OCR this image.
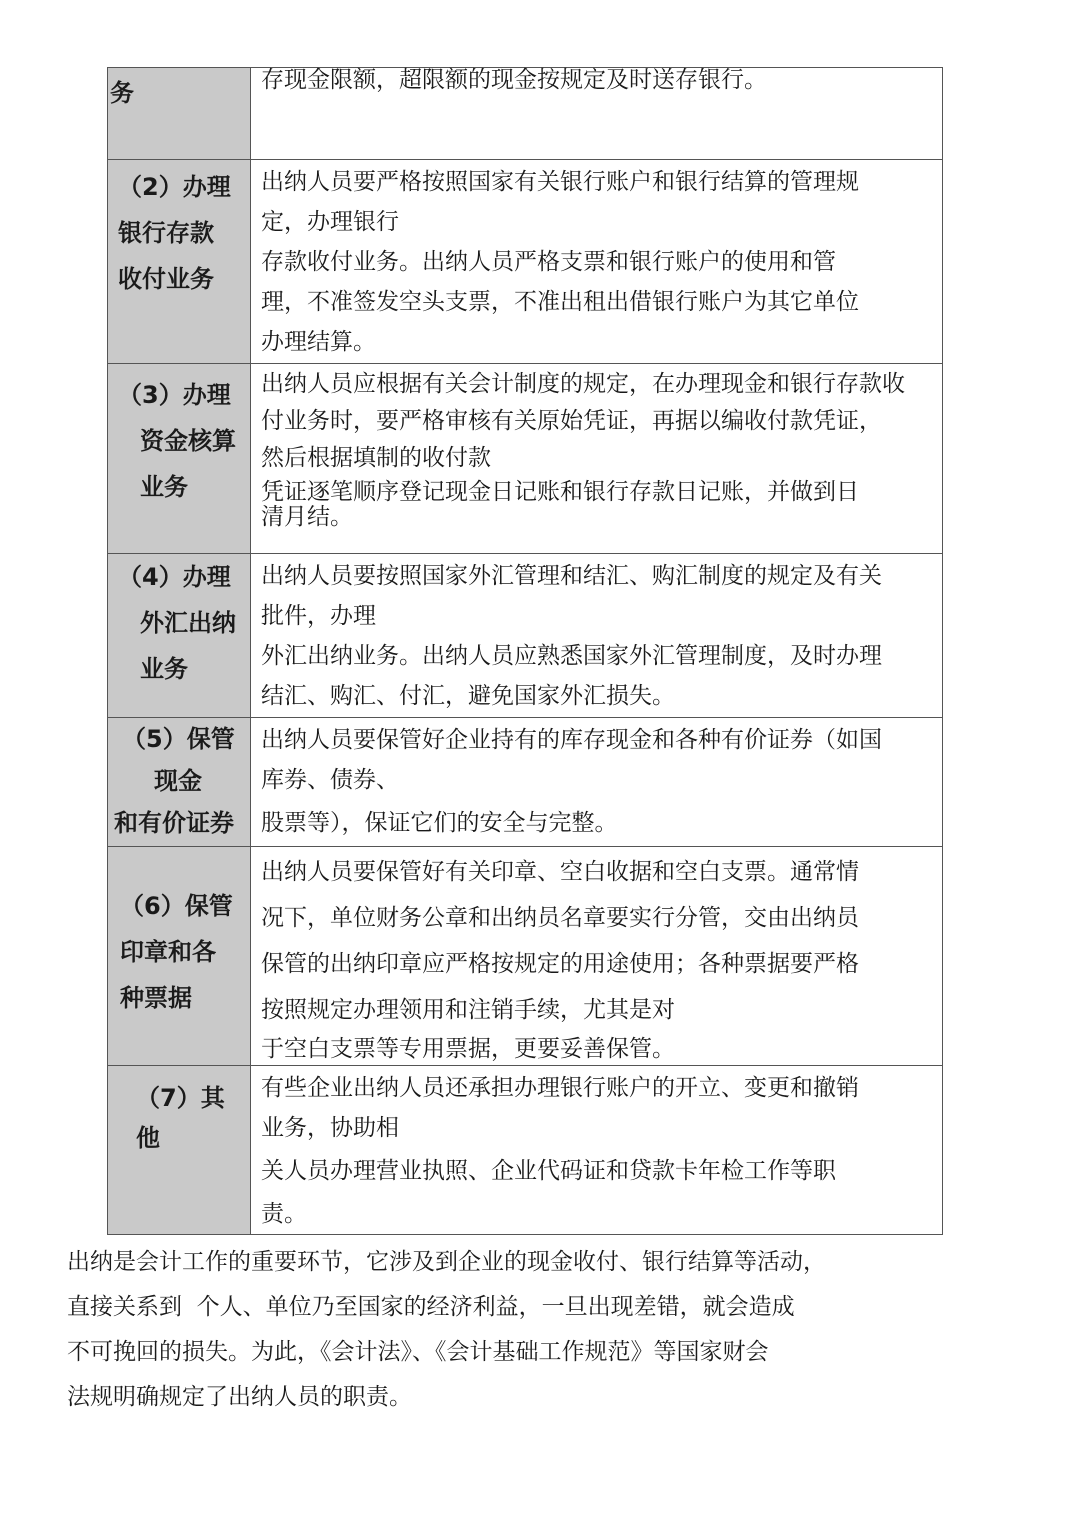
务	存现金限额，超限额的现金按规定及时送存银行。

（2）办理
银行存款
收付业务	出纳人员要严格按照国家有关银行账户和银行结算的管理规
定，办理银行
存款收付业务。出纳人员严格支票和银行账户的使用和管
理，不准签发空头支票，不准出租出借银行账户为其它单位
办理结算。

（3）办理
资金核算
业务	出纳人员应根据有关会计制度的规定，在办理现金和银行存款收
付业务时，要严格审核有关原始凭证，再据以编收付款凭证，
然后根据填制的收付款
凭证逐笔顺序登记现金日记账和银行存款日记账，并做到日
清月结。

（4）办理
外汇出纳
业务	出纳人员要按照国家外汇管理和结汇、购汇制度的规定及有关
批件，办理
外汇出纳业务。出纳人员应熟悉国家外汇管理制度，及时办理
结汇、购汇、付汇，避免国家外汇损失。

（5）保管
现金
和有价证券	出纳人员要保管好企业持有的库存现金和各种有价证券（如国
库券、债券、
股票等），保证它们的安全与完整。

（6）保管
印章和各
种票据	出纳人员要保管好有关印章、空白收据和空白支票。通常情
况下，单位财务公章和出纳员名章要实行分管，交由出纳员
保管的出纳印章应严格按规定的用途使用；各种票据要严格
按照规定办理领用和注销手续，尤其是对
于空白支票等专用票据，更要妥善保管。

（7）其
他	有些企业出纳人员还承担办理银行账户的开立、变更和撤销
业务，协助相
关人员办理营业执照、企业代码证和贷款卡年检工作等职
责。
出纳是会计工作的重要环节，它涉及到企业的现金收付、银行结算等活动，
直接关系到  个人、单位乃至国家的经济利益，一旦出现差错，就会造成
不可挽回的损失。为此，《会计法》、《会计基础工作规范》等国家财会
法规明确规定了出纳人员的职责。
